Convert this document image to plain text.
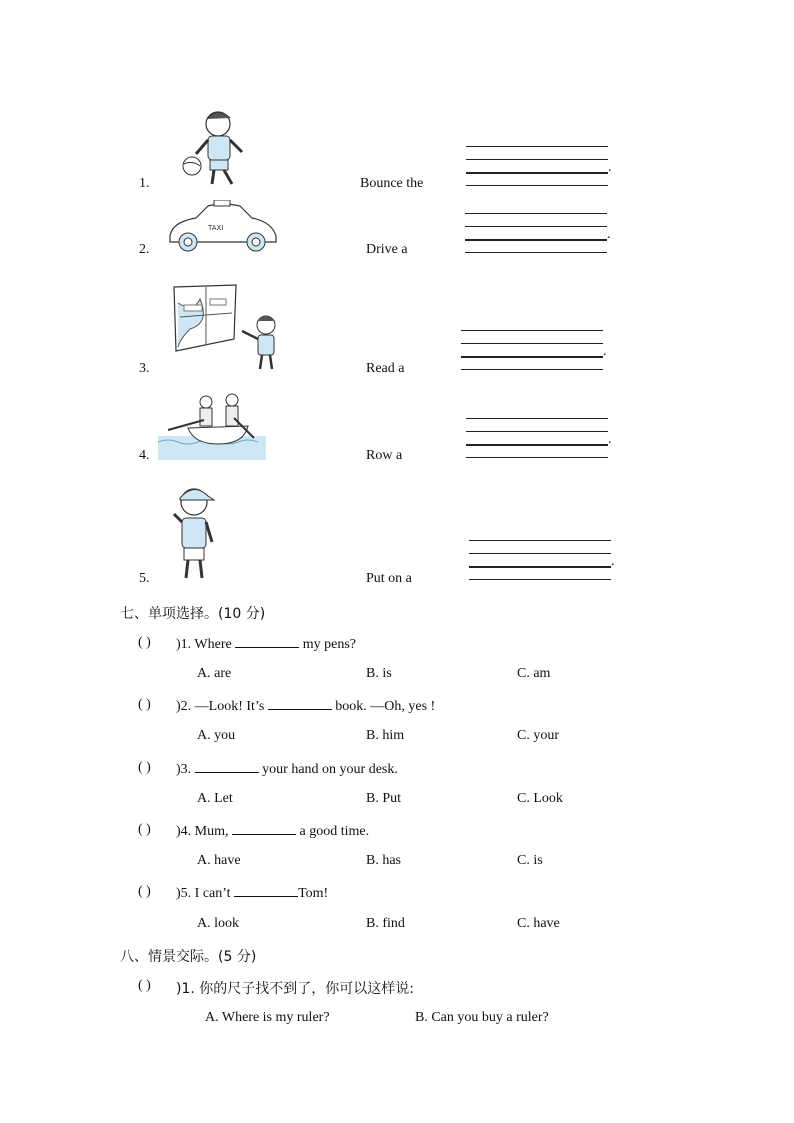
1.	Bounce the
.
2.
TAXI
Drive a
.
3.	Read a
.
4.	Row a
.
5.	Put on a
.
七、单项选择。(10 分)
( ) )1. Where	my pens?
A. are	B. is	C. am
( ) )2. —Look! It’s	book. —Oh, yes !
A. you	B. him	C. your
( ) )3.	your hand on your desk.
A. Let	B. Put	C. Look
( ) )4. Mum,	a good time.
A. have	B. has	C. is
( ) )5. I can’t	Tom!
A. look	B. find	C. have
八、情景交际。(5 分)
( ) )1. 你的尺子找不到了，你可以这样说:
A. Where is my ruler?	B. Can you buy a ruler?
